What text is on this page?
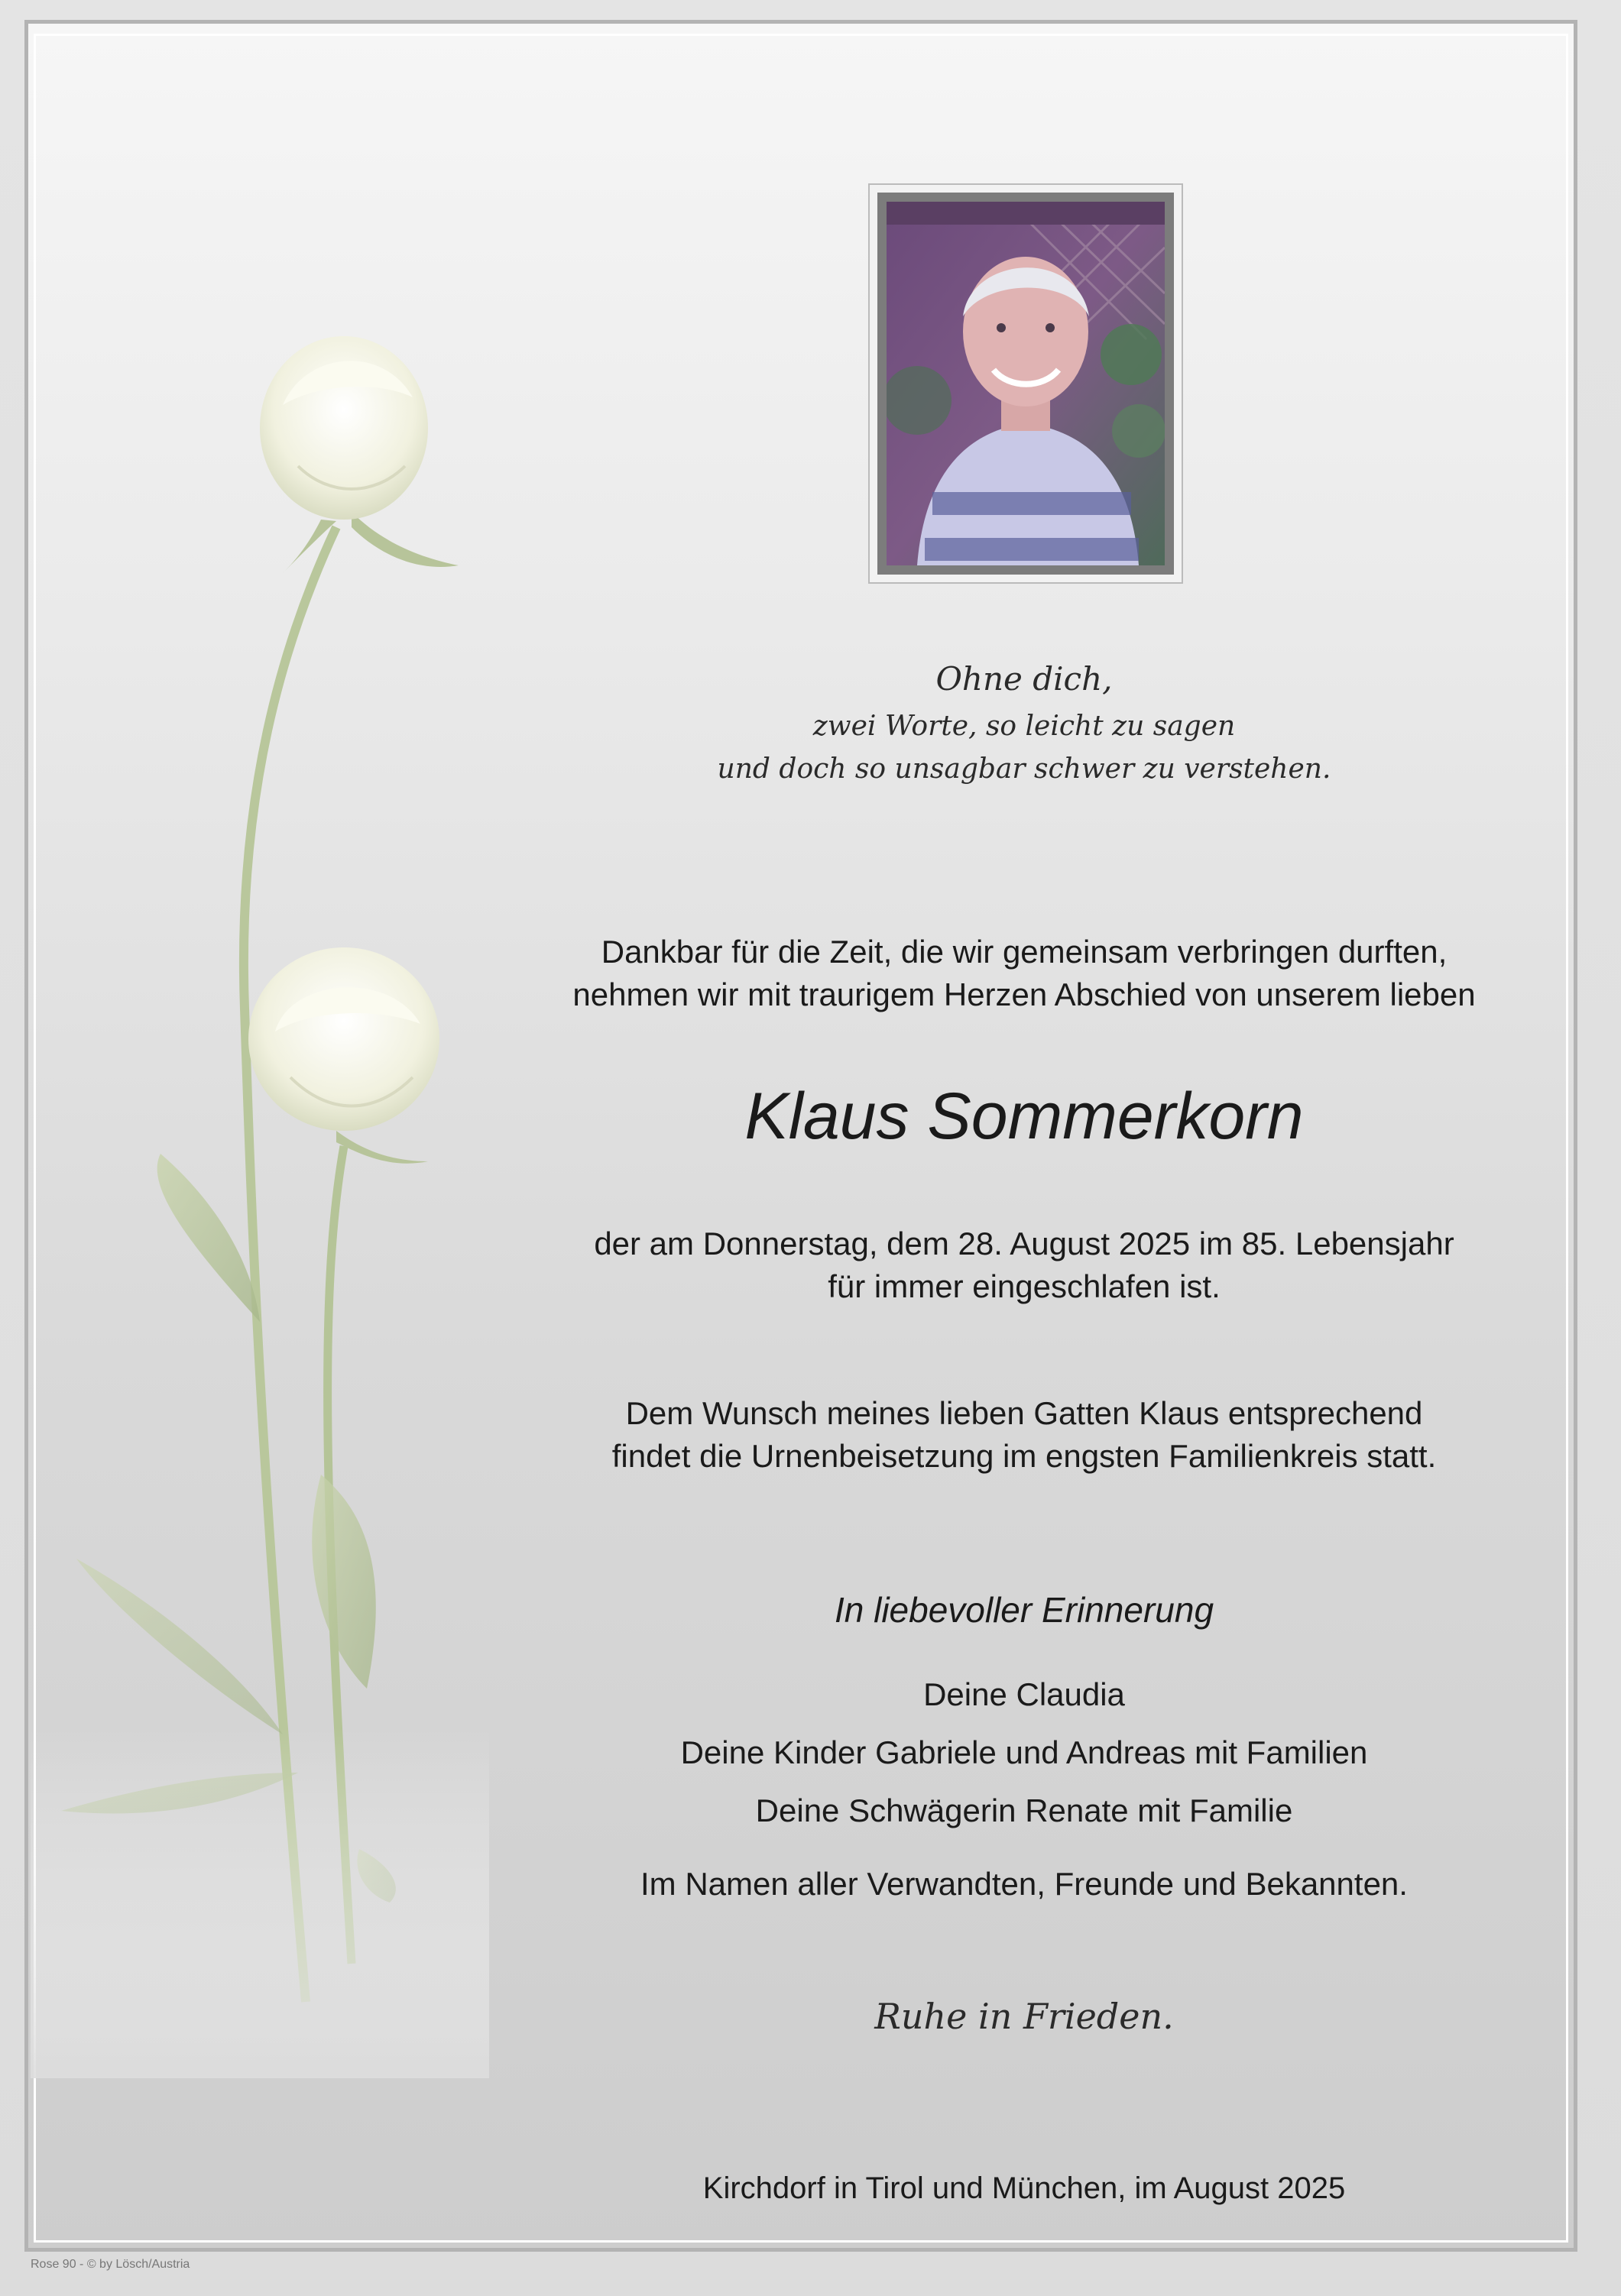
Ohne dich,
zwei Worte, so leicht zu sagen
und doch so unsagbar schwer zu verstehen.
Dankbar für die Zeit, die wir gemeinsam verbringen durften,
nehmen wir mit traurigem Herzen Abschied von unserem lieben
Klaus Sommerkorn
der am Donnerstag, dem 28. August 2025 im 85. Lebensjahr
für immer eingeschlafen ist.
Dem Wunsch meines lieben Gatten Klaus entsprechend
findet die Urnenbeisetzung im engsten Familienkreis statt.
In liebevoller Erinnerung
Deine Claudia
Deine Kinder Gabriele und Andreas mit Familien
Deine Schwägerin Renate mit Familie
Im Namen aller Verwandten, Freunde und Bekannten.
Ruhe in Frieden.
Kirchdorf in Tirol und München, im August 2025
Rose 90 - © by Lösch/Austria
